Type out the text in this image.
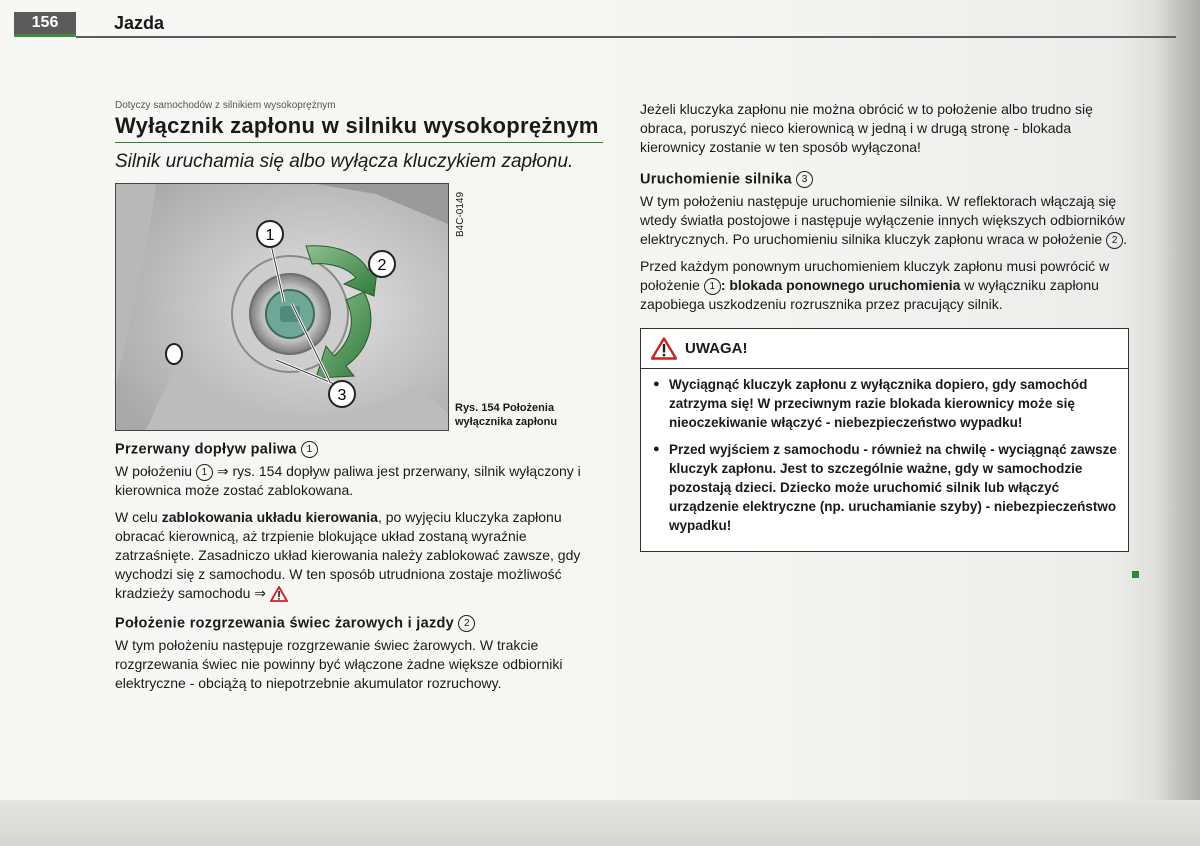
156	Jazda
Dotyczy samochodów z silnikiem wysokoprężnym
Wyłącznik zapłonu w silniku wysokoprężnym
Silnik uruchamia się albo wyłącza kluczykiem zapłonu.
1
2
3
B4C-0149
Rys. 154 Położenia wyłącznika zapłonu
Przerwany dopływ paliwa 1

W położeniu 1 ⇒ rys. 154 dopływ paliwa jest przerwany, silnik wyłączony i kierownica może zostać zablokowana.

W celu zablokowania układu kierowania, po wyjęciu kluczyka zapłonu obracać kierownicą, aż trzpienie blokujące układ zostaną wyraźnie zatrzaśnięte. Zasadniczo układ kierowania należy zablokować zawsze, gdy wychodzi się z samochodu. W ten sposób utrudniona zostaje możliwość kradzieży samochodu ⇒

Położenie rozgrzewania świec żarowych i jazdy 2

W tym położeniu następuje rozgrzewanie świec żarowych. W trakcie rozgrzewania świec nie powinny być włączone żadne większe odbiorniki elektryczne - obciążą to niepotrzebnie akumulator rozruchowy.

Jeżeli kluczyka zapłonu nie można obrócić w to położenie albo trudno się obraca, poruszyć nieco kierownicą w jedną i w drugą stronę - blokada kierownicy zostanie w ten sposób wyłączona!

Uruchomienie silnika 3

W tym położeniu następuje uruchomienie silnika. W reflektorach włączają się wtedy światła postojowe i następuje wyłączenie innych większych odbiorników elektrycznych. Po uruchomieniu silnika kluczyk zapłonu wraca w położenie 2 .

Przed każdym ponownym uruchomieniem kluczyk zapłonu musi powrócić w położenie 1 : blokada ponownego uruchomienia w wyłączniku zapłonu zapobiega uszkodzeniu rozrusznika przez pracujący silnik.

UWAGA!
● Wyciągnąć kluczyk zapłonu z wyłącznika dopiero, gdy samochód zatrzyma się! W przeciwnym razie blokada kierownicy może się nieoczekiwanie włączyć - niebezpieczeństwo wypadku!
● Przed wyjściem z samochodu - również na chwilę - wyciągnąć zawsze kluczyk zapłonu. Jest to szczególnie ważne, gdy w samochodzie pozostają dzieci. Dziecko może uruchomić silnik lub włączyć urządzenie elektryczne (np. uruchamianie szyby) - niebezpieczeństwo wypadku!
